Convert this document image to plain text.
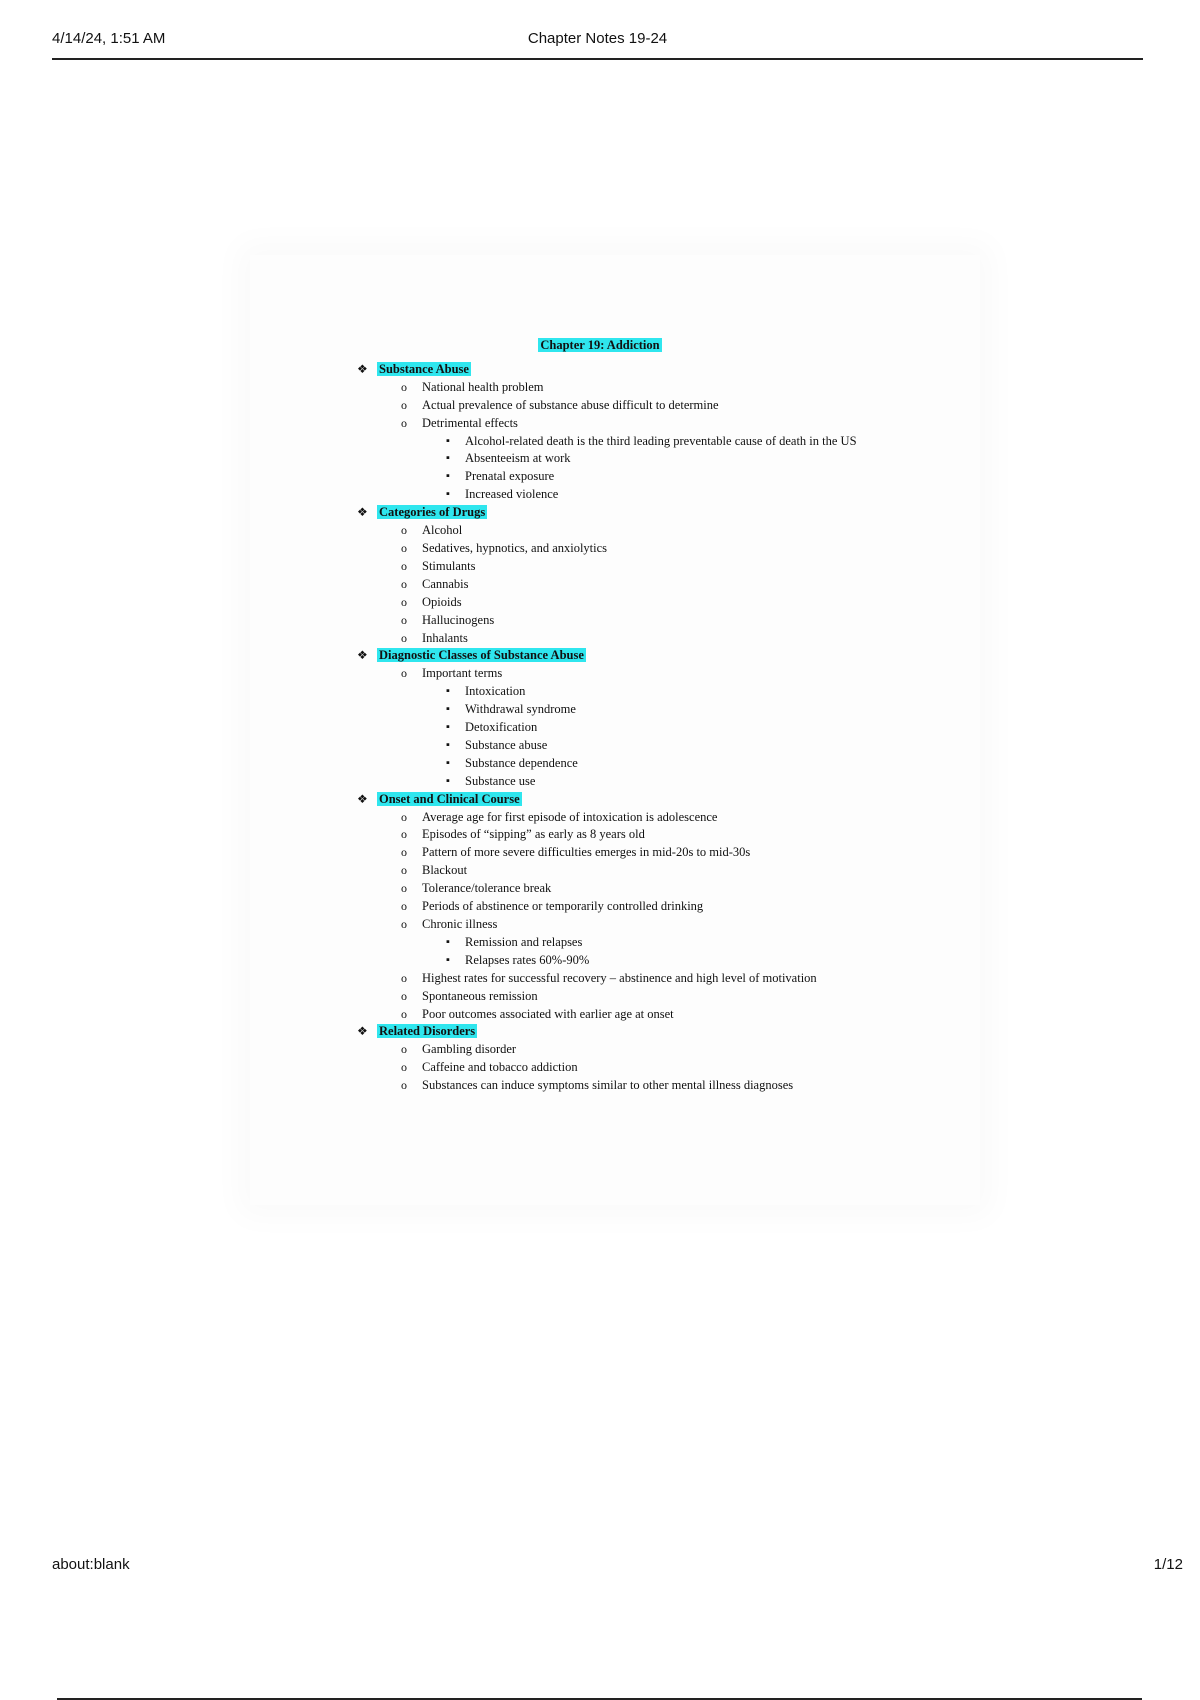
4/14/24, 1:51 AM	Chapter Notes 19-24
Chapter 19: Addiction
❖ Substance Abuse
o National health problem
o Actual prevalence of substance abuse difficult to determine
o Detrimental effects
▪ Alcohol-related death is the third leading preventable cause of death in the US
▪ Absenteeism at work
▪ Prenatal exposure
▪ Increased violence
❖ Categories of Drugs
o Alcohol
o Sedatives, hypnotics, and anxiolytics
o Stimulants
o Cannabis
o Opioids
o Hallucinogens
o Inhalants
❖ Diagnostic Classes of Substance Abuse
o Important terms
▪ Intoxication
▪ Withdrawal syndrome
▪ Detoxification
▪ Substance abuse
▪ Substance dependence
▪ Substance use
❖ Onset and Clinical Course
o Average age for first episode of intoxication is adolescence
o Episodes of “sipping” as early as 8 years old
o Pattern of more severe difficulties emerges in mid-20s to mid-30s
o Blackout
o Tolerance/tolerance break
o Periods of abstinence or temporarily controlled drinking
o Chronic illness
▪ Remission and relapses
▪ Relapses rates 60%-90%
o Highest rates for successful recovery – abstinence and high level of motivation
o Spontaneous remission
o Poor outcomes associated with earlier age at onset
❖ Related Disorders
o Gambling disorder
o Caffeine and tobacco addiction
o Substances can induce symptoms similar to other mental illness diagnoses
about:blank	1/12
